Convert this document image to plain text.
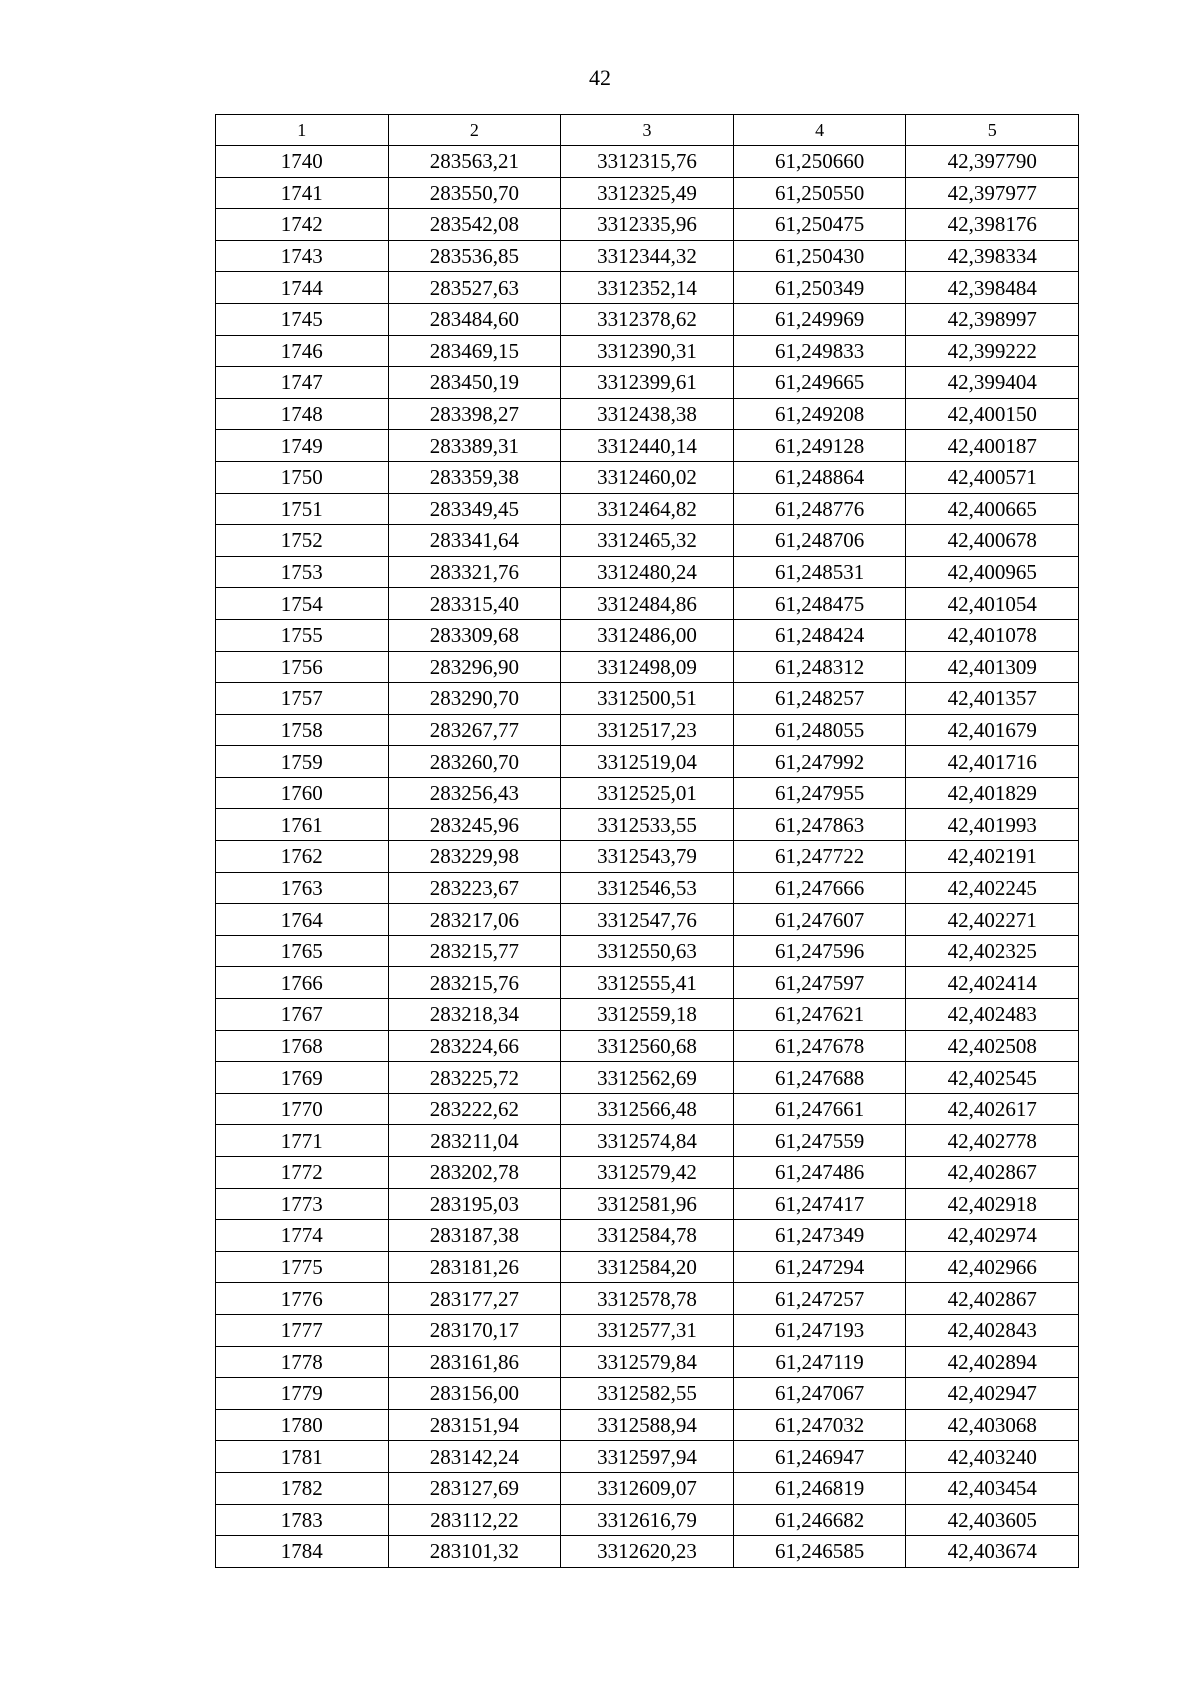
42
1	2	3	4	5
1740	283563,21	3312315,76	61,250660	42,397790
1741	283550,70	3312325,49	61,250550	42,397977
1742	283542,08	3312335,96	61,250475	42,398176
1743	283536,85	3312344,32	61,250430	42,398334
1744	283527,63	3312352,14	61,250349	42,398484
1745	283484,60	3312378,62	61,249969	42,398997
1746	283469,15	3312390,31	61,249833	42,399222
1747	283450,19	3312399,61	61,249665	42,399404
1748	283398,27	3312438,38	61,249208	42,400150
1749	283389,31	3312440,14	61,249128	42,400187
1750	283359,38	3312460,02	61,248864	42,400571
1751	283349,45	3312464,82	61,248776	42,400665
1752	283341,64	3312465,32	61,248706	42,400678
1753	283321,76	3312480,24	61,248531	42,400965
1754	283315,40	3312484,86	61,248475	42,401054
1755	283309,68	3312486,00	61,248424	42,401078
1756	283296,90	3312498,09	61,248312	42,401309
1757	283290,70	3312500,51	61,248257	42,401357
1758	283267,77	3312517,23	61,248055	42,401679
1759	283260,70	3312519,04	61,247992	42,401716
1760	283256,43	3312525,01	61,247955	42,401829
1761	283245,96	3312533,55	61,247863	42,401993
1762	283229,98	3312543,79	61,247722	42,402191
1763	283223,67	3312546,53	61,247666	42,402245
1764	283217,06	3312547,76	61,247607	42,402271
1765	283215,77	3312550,63	61,247596	42,402325
1766	283215,76	3312555,41	61,247597	42,402414
1767	283218,34	3312559,18	61,247621	42,402483
1768	283224,66	3312560,68	61,247678	42,402508
1769	283225,72	3312562,69	61,247688	42,402545
1770	283222,62	3312566,48	61,247661	42,402617
1771	283211,04	3312574,84	61,247559	42,402778
1772	283202,78	3312579,42	61,247486	42,402867
1773	283195,03	3312581,96	61,247417	42,402918
1774	283187,38	3312584,78	61,247349	42,402974
1775	283181,26	3312584,20	61,247294	42,402966
1776	283177,27	3312578,78	61,247257	42,402867
1777	283170,17	3312577,31	61,247193	42,402843
1778	283161,86	3312579,84	61,247119	42,402894
1779	283156,00	3312582,55	61,247067	42,402947
1780	283151,94	3312588,94	61,247032	42,403068
1781	283142,24	3312597,94	61,246947	42,403240
1782	283127,69	3312609,07	61,246819	42,403454
1783	283112,22	3312616,79	61,246682	42,403605
1784	283101,32	3312620,23	61,246585	42,403674
